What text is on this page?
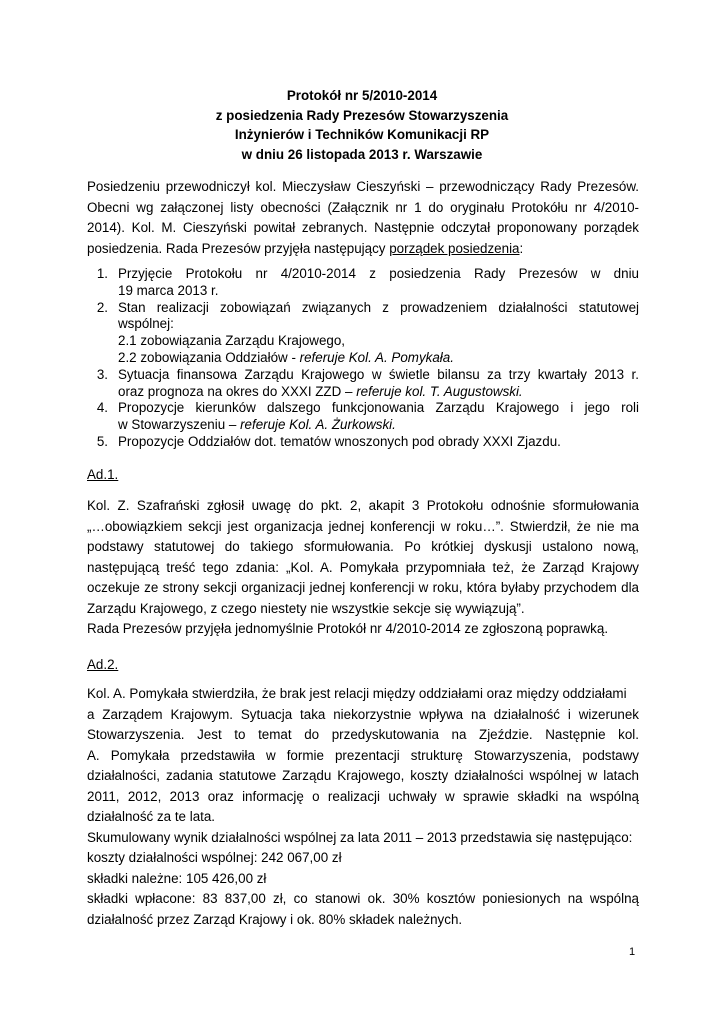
Protokół nr 5/2010-2014
z posiedzenia Rady Prezesów Stowarzyszenia
Inżynierów i Techników Komunikacji RP
w dniu 26 listopada 2013 r. Warszawie
Posiedzeniu przewodniczył kol. Mieczysław Cieszyński – przewodniczący Rady Prezesów.
Obecni wg załączonej listy obecności (Załącznik nr 1 do oryginału Protokółu nr 4/2010-
2014). Kol. M. Cieszyński powitał zebranych. Następnie odczytał proponowany porządek
posiedzenia. Rada Prezesów przyjęła następujący porządek posiedzenia:
1. Przyjęcie Protokołu nr 4/2010-2014 z posiedzenia Rady Prezesów w dniu
19 marca 2013 r.
2. Stan realizacji zobowiązań związanych z prowadzeniem działalności statutowej
wspólnej:
2.1 zobowiązania Zarządu Krajowego,
2.2 zobowiązania Oddziałów - referuje Kol. A. Pomykała.
3. Sytuacja finansowa Zarządu Krajowego w świetle bilansu za trzy kwartały 2013 r.
oraz prognoza na okres do XXXI ZZD – referuje kol. T. Augustowski.
4. Propozycje kierunków dalszego funkcjonowania Zarządu Krajowego i jego roli
w Stowarzyszeniu – referuje Kol. A. Żurkowski.
5. Propozycje Oddziałów dot. tematów wnoszonych pod obrady XXXI Zjazdu.
Ad.1.
Kol. Z. Szafrański zgłosił uwagę do pkt. 2, akapit 3 Protokołu odnośnie sformułowania
„…obowiązkiem sekcji jest organizacja jednej konferencji w roku…”. Stwierdził, że nie ma
podstawy statutowej do takiego sformułowania. Po krótkiej dyskusji ustalono nową,
następującą treść tego zdania: „Kol. A. Pomykała przypomniała też, że Zarząd Krajowy
oczekuje ze strony sekcji organizacji jednej konferencji w roku, która byłaby przychodem dla
Zarządu Krajowego, z czego niestety nie wszystkie sekcje się wywiązują”.
Rada Prezesów przyjęła jednomyślnie Protokół nr 4/2010-2014 ze zgłoszoną poprawką.
Ad.2.
Kol. A. Pomykała stwierdziła, że brak jest relacji między oddziałami oraz między oddziałami
a Zarządem Krajowym. Sytuacja taka niekorzystnie wpływa na działalność i wizerunek
Stowarzyszenia. Jest to temat do przedyskutowania na Zjeździe. Następnie kol.
A. Pomykała przedstawiła w formie prezentacji strukturę Stowarzyszenia, podstawy
działalności, zadania statutowe Zarządu Krajowego, koszty działalności wspólnej w latach
2011, 2012, 2013 oraz informację o realizacji uchwały w sprawie składki na wspólną
działalność za te lata.
Skumulowany wynik działalności wspólnej za lata 2011 – 2013 przedstawia się następująco:
koszty działalności wspólnej: 242 067,00 zł
składki należne: 105 426,00 zł
składki wpłacone: 83 837,00 zł, co stanowi ok. 30% kosztów poniesionych na wspólną
działalność przez Zarząd Krajowy i ok. 80% składek należnych.
1
